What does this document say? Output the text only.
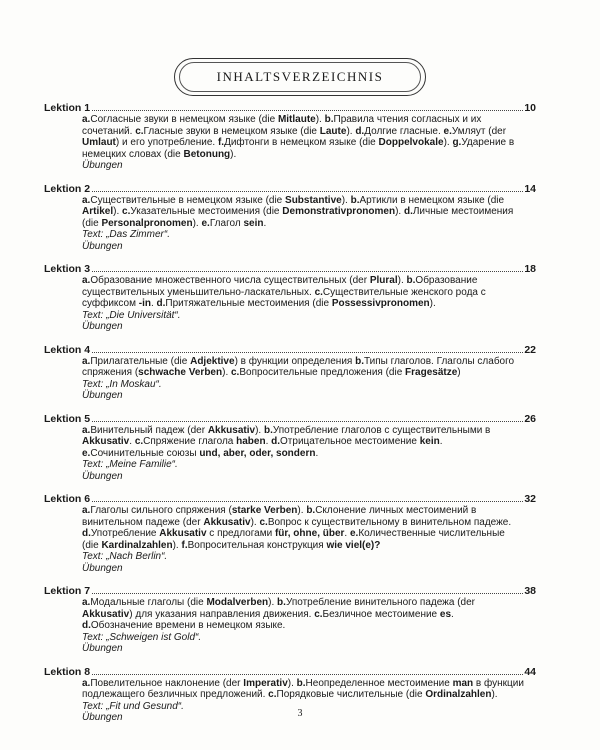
INHALTSVERZEICHNIS
Lektion 1	10
a.Согласные звуки в немецком языке (die Mitlaute). b.Правила чтения согласных и их сочетаний. c.Гласные звуки в немецком языке (die Laute). d.Долгие гласные. e.Умляут (der Umlaut) и его употребление. f.Дифтонги в немецком языке (die Doppelvokale). g.Ударение в немецких словах (die Betonung).
Übungen
Lektion 2	14
a.Существительные в немецком языке (die Substantive). b.Артикли в немецком языке (die Artikel). c.Указательные местоимения (die Demonstrativpronomen). d.Личные местоимения (die Personalpronomen). e.Глагол sein.
Text: „Das Zimmer“.
Übungen
Lektion 3	18
a.Образование множественного числа существительных (der Plural). b.Образование существительных уменьшительно-ласкательных. c.Существительные женского рода с суффиксом -in. d.Притяжательные местоимения (die Possessivpronomen).
Text: „Die Universität“.
Übungen
Lektion 4	22
a.Прилагательные (die Adjektive) в функции определения b.Типы глаголов. Глаголы слабого спряжения (schwache Verben). c.Вопросительные предложения (die Fragesätze)
Text: „In Moskau“.
Übungen
Lektion 5	26
a.Винительный падеж (der Akkusativ). b.Употребление глаголов с существительными в Akkusativ. c.Спряжение глагола haben. d.Отрицательное местоимение kein. e.Сочинительные союзы und, aber, oder, sondern.
Text: „Meine Familie“.
Übungen
Lektion 6	32
a.Глаголы сильного спряжения (starke Verben). b.Склонение личных местоимений в винительном падеже (der Akkusativ). c.Вопрос к существительному в винительном падеже. d.Употребление Akkusativ с предлогами für, ohne, über. e.Количественные числительные (die Kardinalzahlen). f.Вопросительная конструкция wie viel(e)?
Text: „Nach Berlin“.
Übungen
Lektion 7	38
a.Модальные глаголы (die Modalverben). b.Употребление винительного падежа (der Akkusativ) для указания направления движения. c.Безличное местоимение es. d.Обозначение времени в немецком языке.
Text: „Schweigen ist Gold“.
Übungen
Lektion 8	44
a.Повелительное наклонение (der Imperativ). b.Неопределенное местоимение man в функции подлежащего безличных предложений. c.Порядковые числительные (die Ordinalzahlen).
Text: „Fit und Gesund“.
Übungen	3
